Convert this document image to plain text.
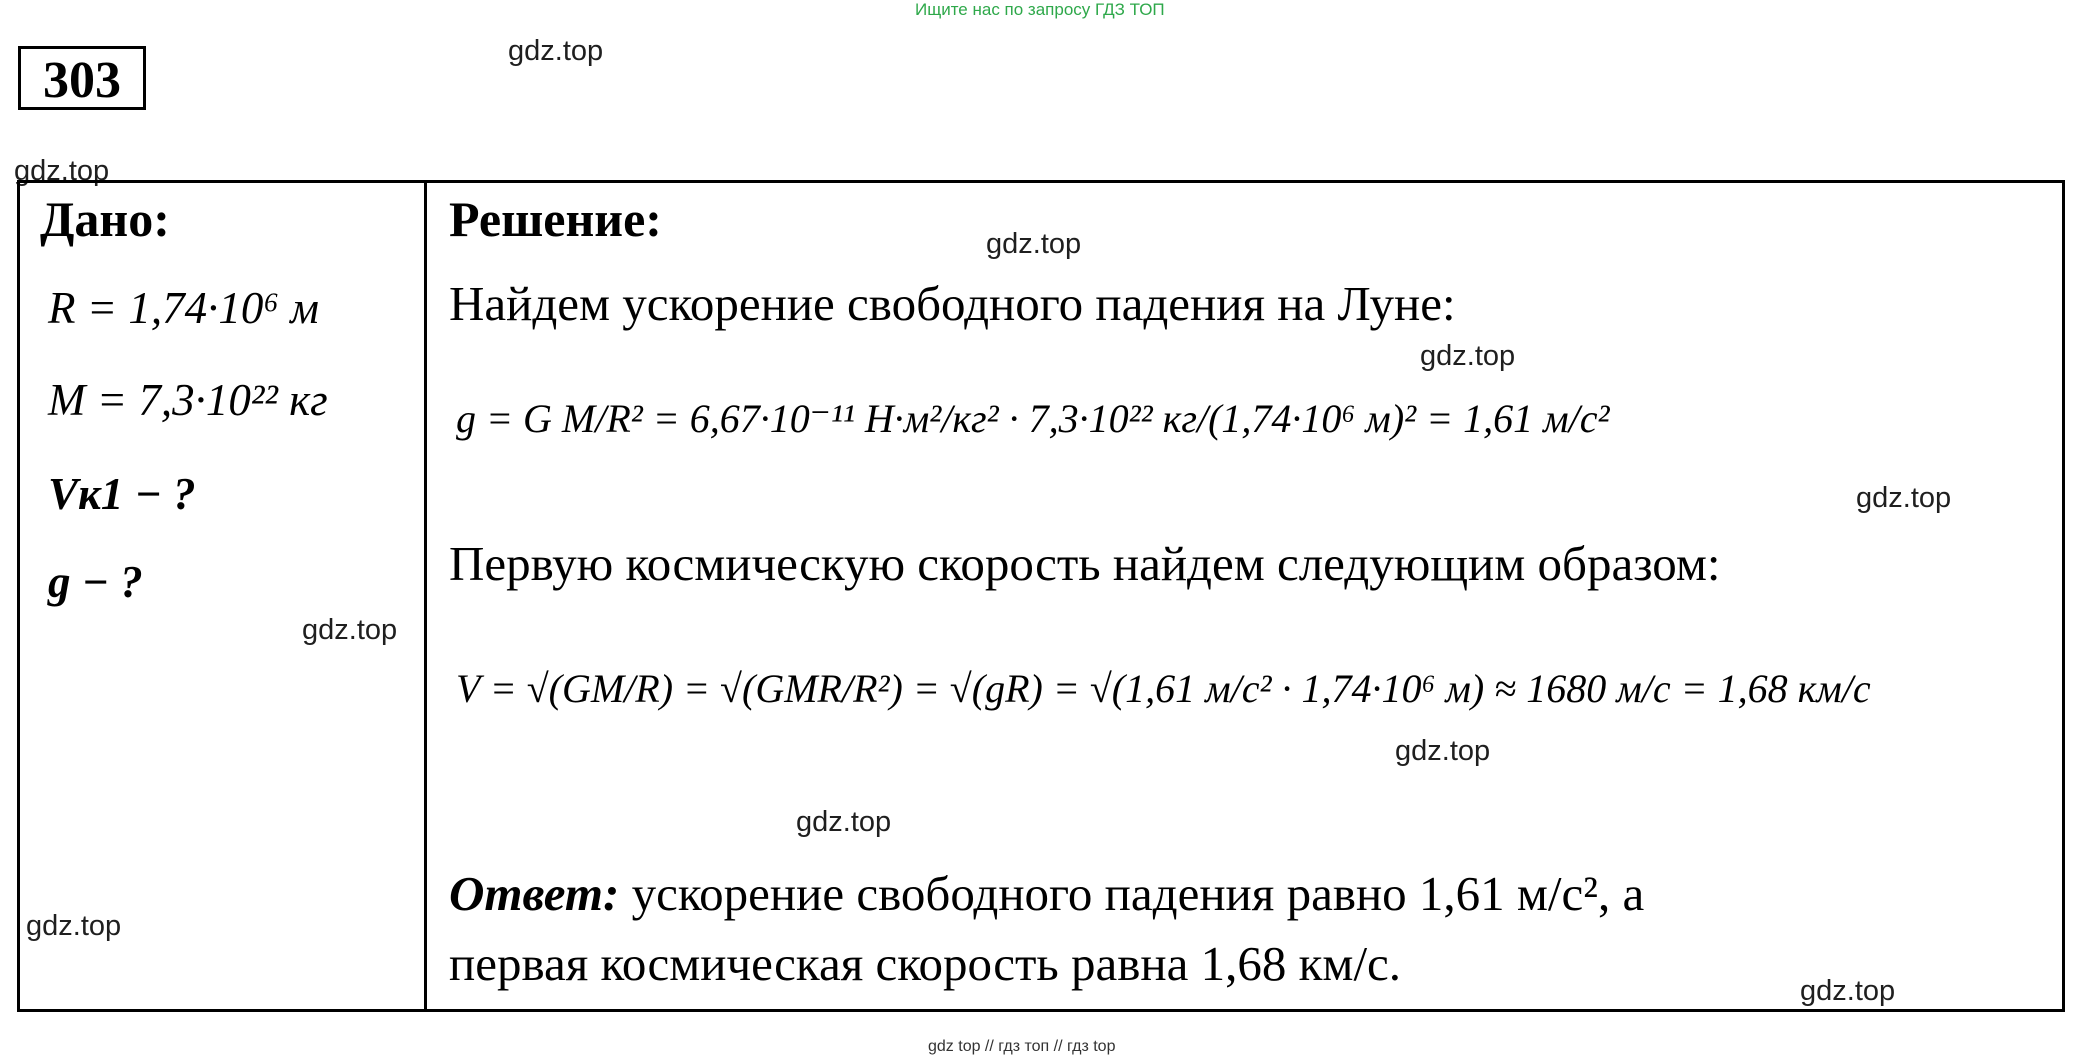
Ищите нас по запросу ГДЗ ТОП
303
gdz.top
gdz.top
gdz.top
gdz.top
gdz.top
gdz.top
gdz.top
gdz.top
gdz.top
gdz.top
Дано:
R = 1,74·10⁶ м
M = 7,3·10²² кг
Vк1 − ?
g − ?
Решение:
Найдем ускорение свободного падения на Луне:
g = G M/R² = 6,67·10⁻¹¹ Н·м²/кг² · 7,3·10²² кг/(1,74·10⁶ м)² = 1,61 м/с²
Первую космическую скорость найдем следующим образом:
V = √(GM/R) = √(GMR/R²) = √(gR) = √(1,61 м/с² · 1,74·10⁶ м) ≈ 1680 м/с = 1,68 км/с
Ответ: ускорение свободного падения равно 1,61 м/с², а
первая космическая скорость равна 1,68 км/с.
gdz top // гдз топ // гдз top
